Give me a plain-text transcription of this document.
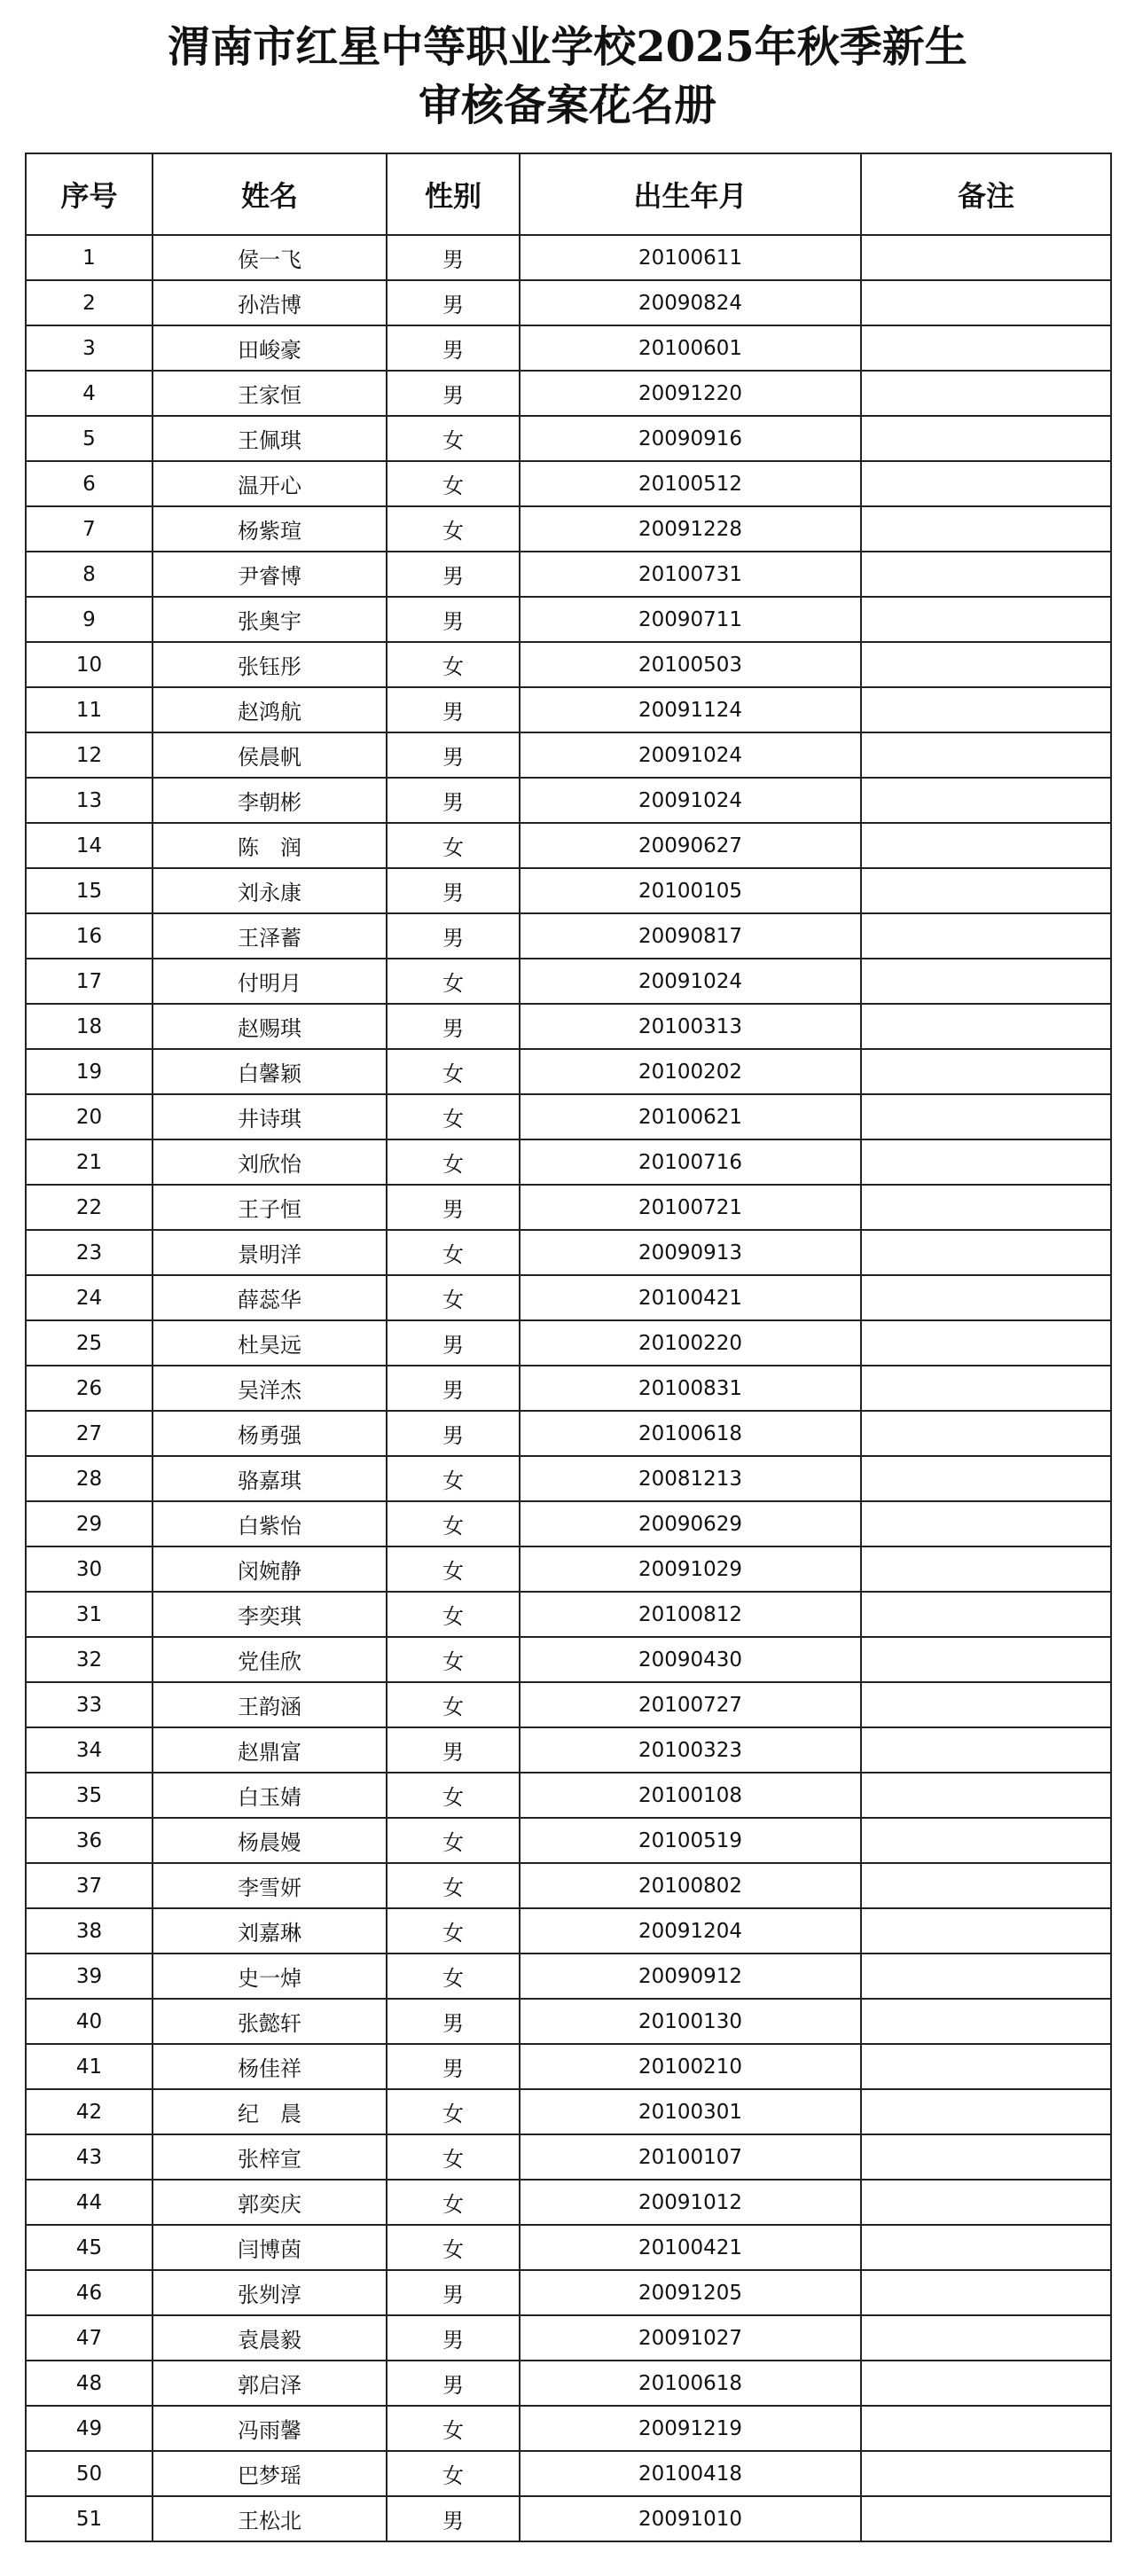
渭南市红星中等职业学校2025年秋季新生
审核备案花名册
序号	姓名	性别	出生年月	备注
1	侯一飞	男	20100611	
2	孙浩博	男	20090824	
3	田峻豪	男	20100601	
4	王家恒	男	20091220	
5	王佩琪	女	20090916	
6	温开心	女	20100512	
7	杨紫瑄	女	20091228	
8	尹睿博	男	20100731	
9	张奥宇	男	20090711	
10	张钰彤	女	20100503	
11	赵鸿航	男	20091124	
12	侯晨帆	男	20091024	
13	李朝彬	男	20091024	
14	陈　润	女	20090627	
15	刘永康	男	20100105	
16	王泽蓄	男	20090817	
17	付明月	女	20091024	
18	赵赐琪	男	20100313	
19	白馨颖	女	20100202	
20	井诗琪	女	20100621	
21	刘欣怡	女	20100716	
22	王子恒	男	20100721	
23	景明洋	女	20090913	
24	薛蕊华	女	20100421	
25	杜昊远	男	20100220	
26	吴洋杰	男	20100831	
27	杨勇强	男	20100618	
28	骆嘉琪	女	20081213	
29	白紫怡	女	20090629	
30	闵婉静	女	20091029	
31	李奕琪	女	20100812	
32	党佳欣	女	20090430	
33	王韵涵	女	20100727	
34	赵鼎富	男	20100323	
35	白玉婧	女	20100108	
36	杨晨嫚	女	20100519	
37	李雪妍	女	20100802	
38	刘嘉琳	女	20091204	
39	史一焯	女	20090912	
40	张懿轩	男	20100130	
41	杨佳祥	男	20100210	
42	纪　晨	女	20100301	
43	张梓宣	女	20100107	
44	郭奕庆	女	20091012	
45	闫博茵	女	20100421	
46	张刿淳	男	20091205	
47	袁晨毅	男	20091027	
48	郭启泽	男	20100618	
49	冯雨馨	女	20091219	
50	巴梦瑶	女	20100418	
51	王松北	男	20091010	
